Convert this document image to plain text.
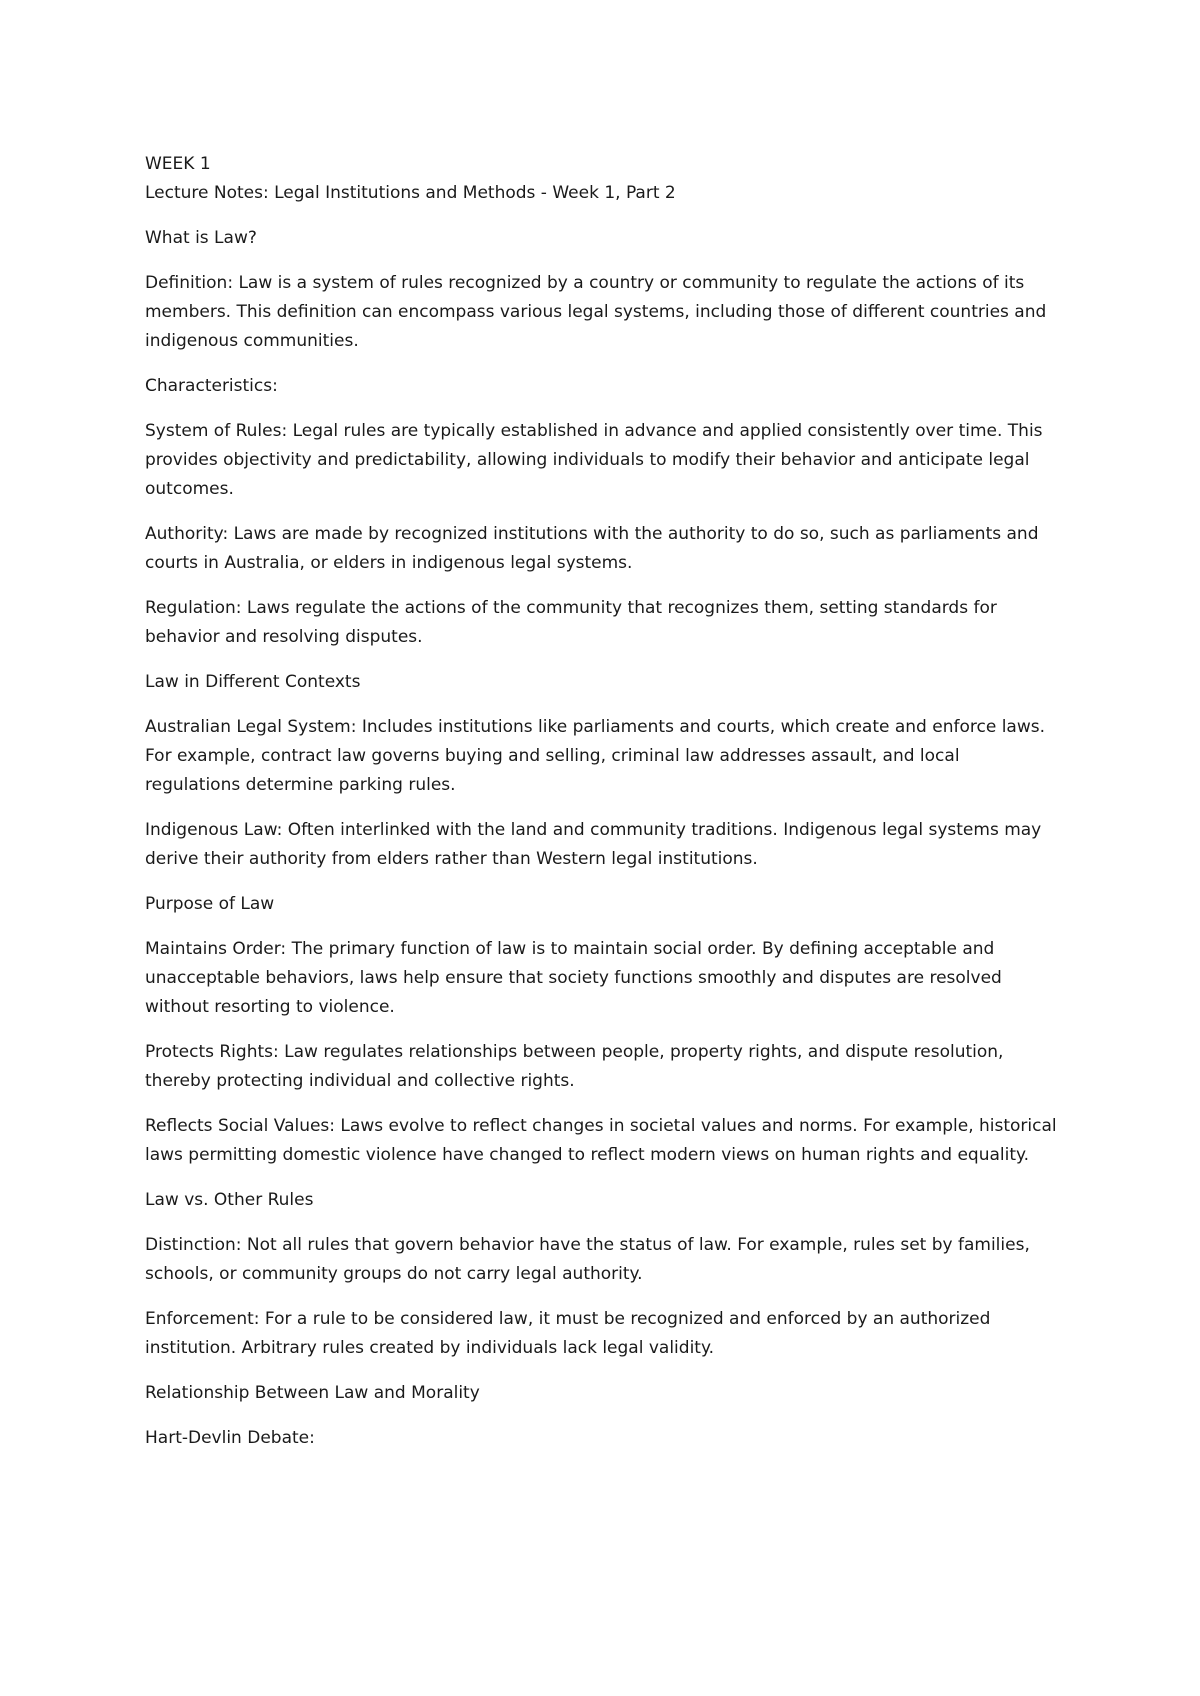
WEEK 1

Lecture Notes: Legal Institutions and Methods - Week 1, Part 2

What is Law?

Definition: Law is a system of rules recognized by a country or community to regulate the actions of its members. This definition can encompass various legal systems, including those of different countries and indigenous communities.

Characteristics:

System of Rules: Legal rules are typically established in advance and applied consistently over time. This provides objectivity and predictability, allowing individuals to modify their behavior and anticipate legal outcomes.

Authority: Laws are made by recognized institutions with the authority to do so, such as parliaments and courts in Australia, or elders in indigenous legal systems.

Regulation: Laws regulate the actions of the community that recognizes them, setting standards for behavior and resolving disputes.

Law in Different Contexts

Australian Legal System: Includes institutions like parliaments and courts, which create and enforce laws. For example, contract law governs buying and selling, criminal law addresses assault, and local regulations determine parking rules.

Indigenous Law: Often interlinked with the land and community traditions. Indigenous legal systems may derive their authority from elders rather than Western legal institutions.

Purpose of Law

Maintains Order: The primary function of law is to maintain social order. By defining acceptable and unacceptable behaviors, laws help ensure that society functions smoothly and disputes are resolved without resorting to violence.

Protects Rights: Law regulates relationships between people, property rights, and dispute resolution, thereby protecting individual and collective rights.

Reflects Social Values: Laws evolve to reflect changes in societal values and norms. For example, historical laws permitting domestic violence have changed to reflect modern views on human rights and equality.

Law vs. Other Rules

Distinction: Not all rules that govern behavior have the status of law. For example, rules set by families, schools, or community groups do not carry legal authority.

Enforcement: For a rule to be considered law, it must be recognized and enforced by an authorized institution. Arbitrary rules created by individuals lack legal validity.

Relationship Between Law and Morality

Hart-Devlin Debate:
